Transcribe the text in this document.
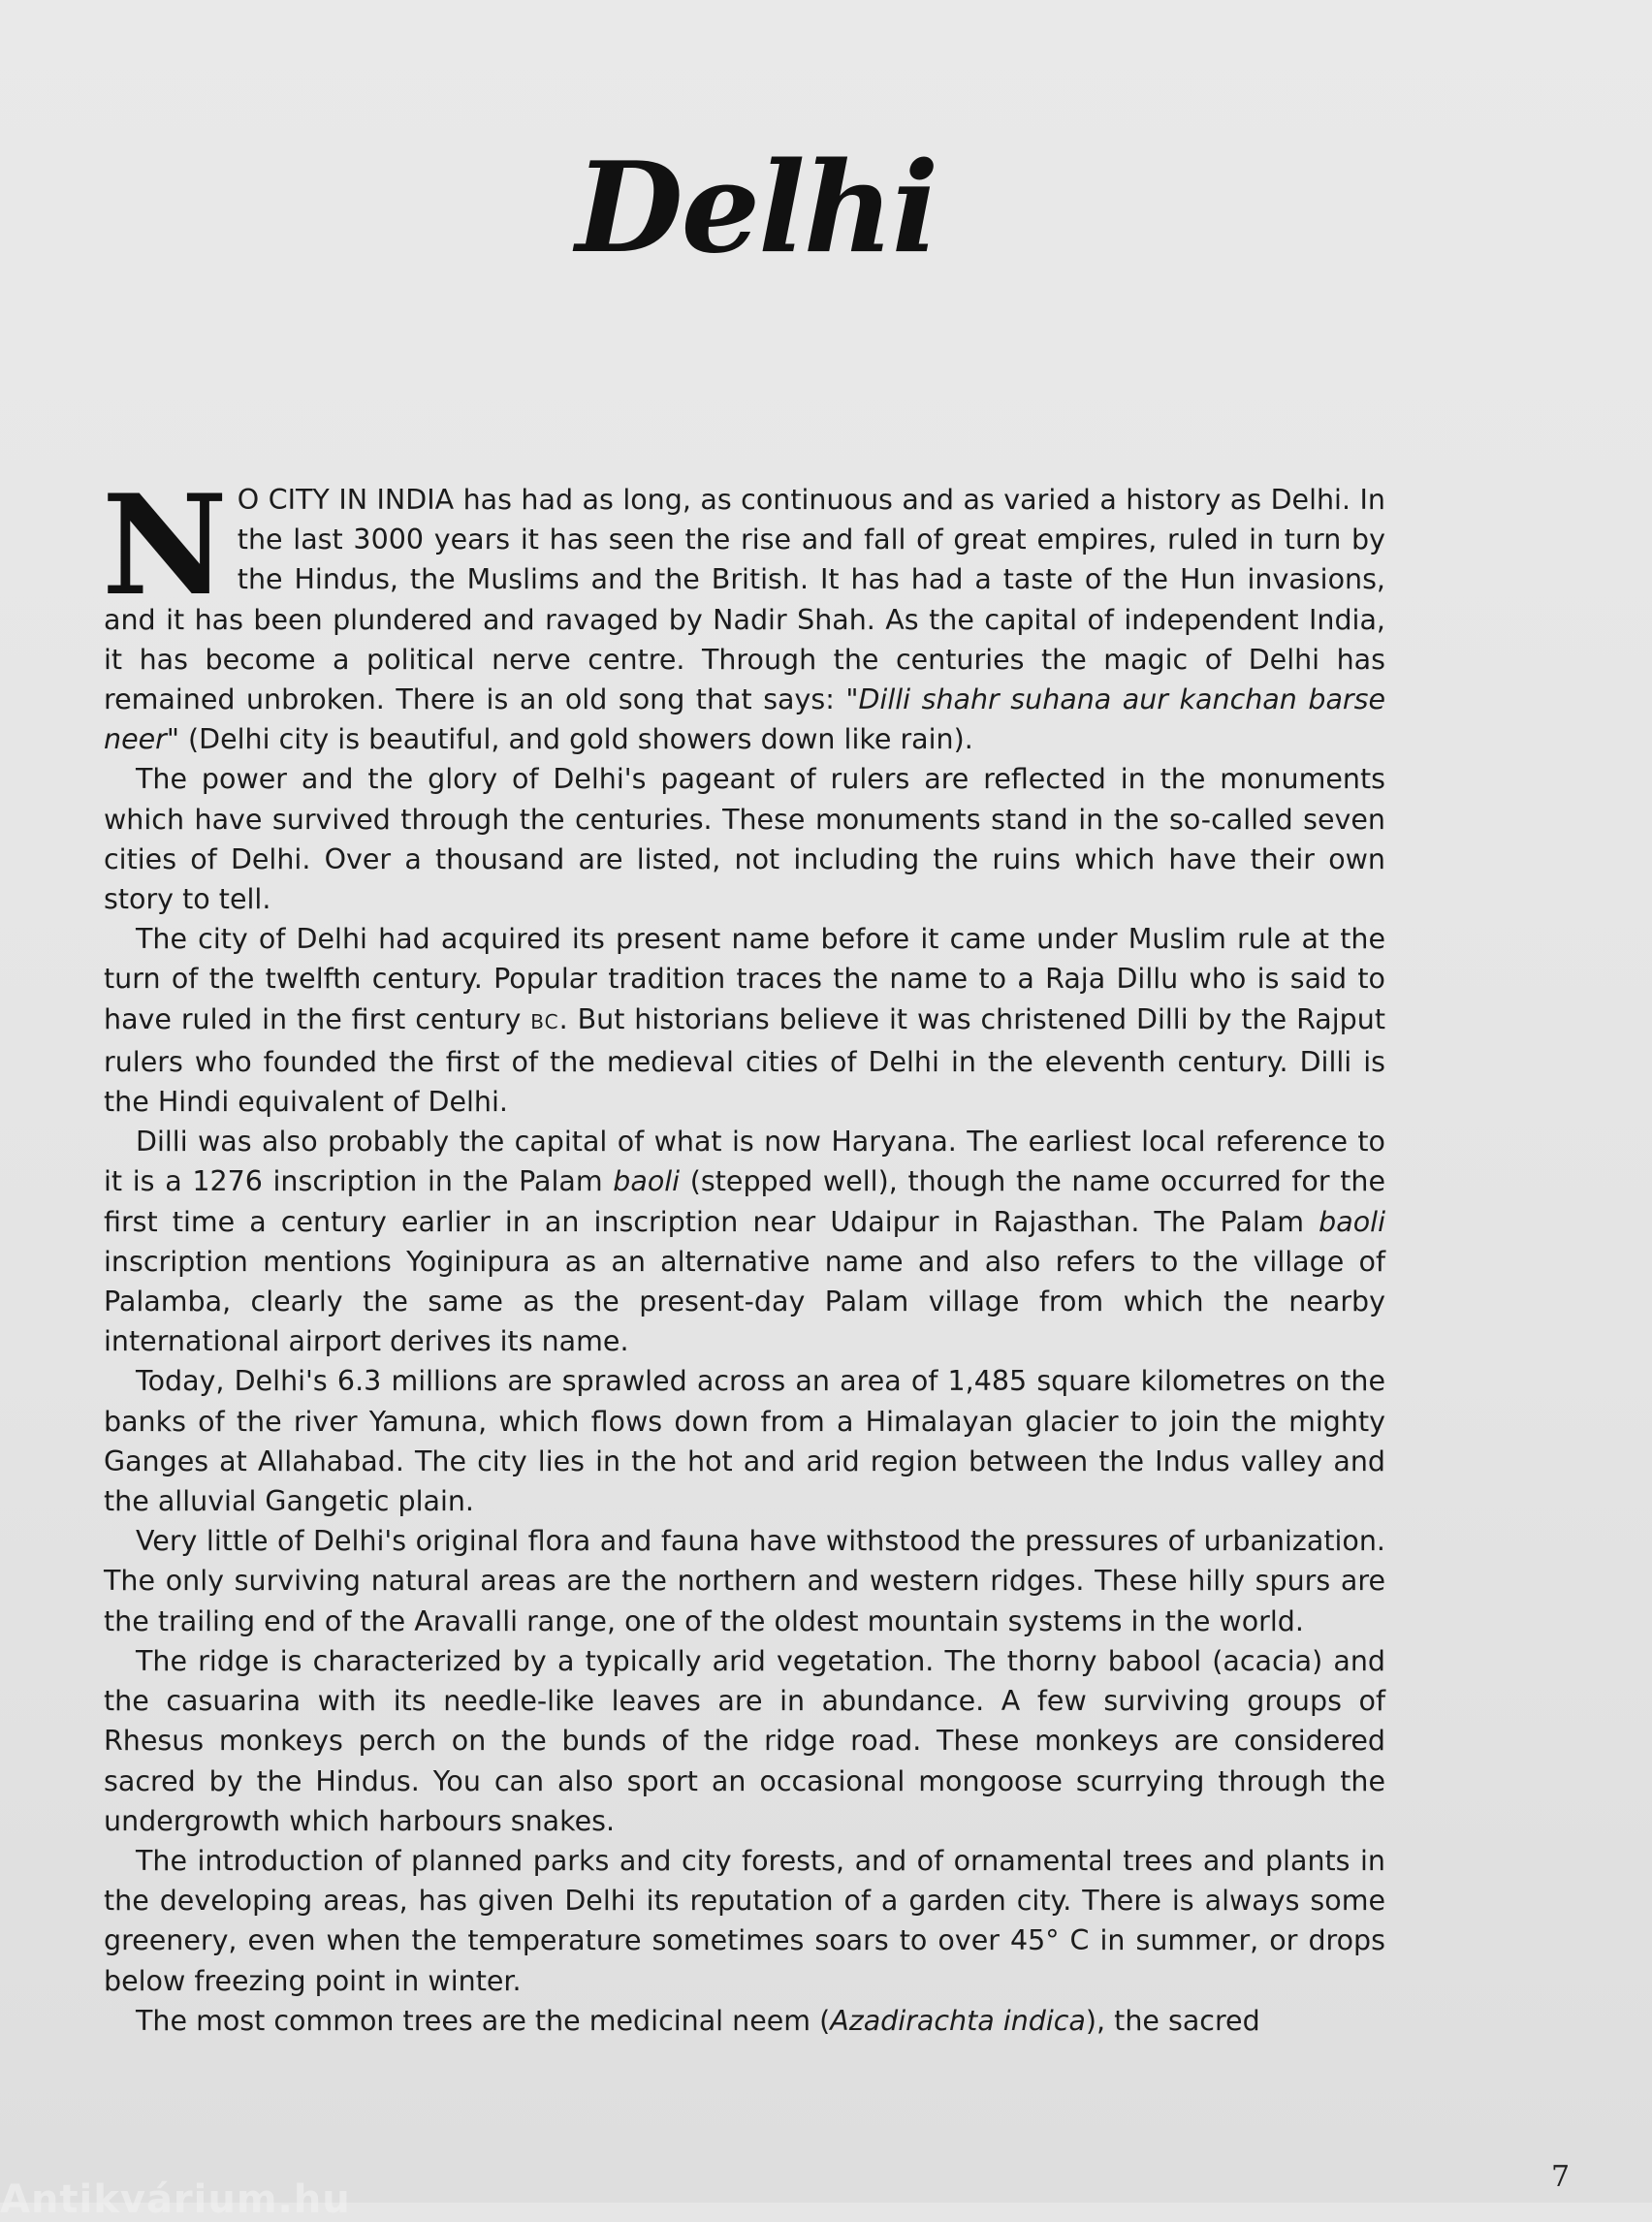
Delhi

N O CITY IN INDIA has had as long, as continuous and as varied a history as Delhi. In the last 3000 years it has seen the rise and fall of great empires, ruled in turn by the Hindus, the Muslims and the British. It has had a taste of the Hun invasions, and it has been plundered and ravaged by Nadir Shah. As the capital of independent India, it has become a political nerve centre. Through the centuries the magic of Delhi has remained unbroken. There is an old song that says: "Dilli shahr suhana aur kanchan barse neer" (Delhi city is beautiful, and gold showers down like rain).

The power and the glory of Delhi's pageant of rulers are reflected in the monuments which have survived through the centuries. These monuments stand in the so-called seven cities of Delhi. Over a thousand are listed, not including the ruins which have their own story to tell.

The city of Delhi had acquired its present name before it came under Muslim rule at the turn of the twelfth century. Popular tradition traces the name to a Raja Dillu who is said to have ruled in the first century BC. But historians believe it was christened Dilli by the Rajput rulers who founded the first of the medieval cities of Delhi in the eleventh century. Dilli is the Hindi equivalent of Delhi.

Dilli was also probably the capital of what is now Haryana. The earliest local reference to it is a 1276 inscription in the Palam baoli (stepped well), though the name occurred for the first time a century earlier in an inscription near Udaipur in Rajasthan. The Palam baoli inscription mentions Yoginipura as an alternative name and also refers to the village of Palamba, clearly the same as the present-day Palam village from which the nearby international airport derives its name.

Today, Delhi's 6.3 millions are sprawled across an area of 1,485 square kilometres on the banks of the river Yamuna, which flows down from a Himalayan glacier to join the mighty Ganges at Allahabad. The city lies in the hot and arid region between the Indus valley and the alluvial Gangetic plain.

Very little of Delhi's original flora and fauna have withstood the pressures of urbanization. The only surviving natural areas are the northern and western ridges. These hilly spurs are the trailing end of the Aravalli range, one of the oldest mountain systems in the world.

The ridge is characterized by a typically arid vegetation. The thorny babool (acacia) and the casuarina with its needle-like leaves are in abundance. A few surviving groups of Rhesus monkeys perch on the bunds of the ridge road. These monkeys are considered sacred by the Hindus. You can also sport an occasional mongoose scurrying through the undergrowth which harbours snakes.

The introduction of planned parks and city forests, and of ornamental trees and plants in the developing areas, has given Delhi its reputation of a garden city. There is always some greenery, even when the temperature sometimes soars to over 45° C in summer, or drops below freezing point in winter.

The most common trees are the medicinal neem (Azadirachta indica), the sacred

7
Antikvárium.hu
